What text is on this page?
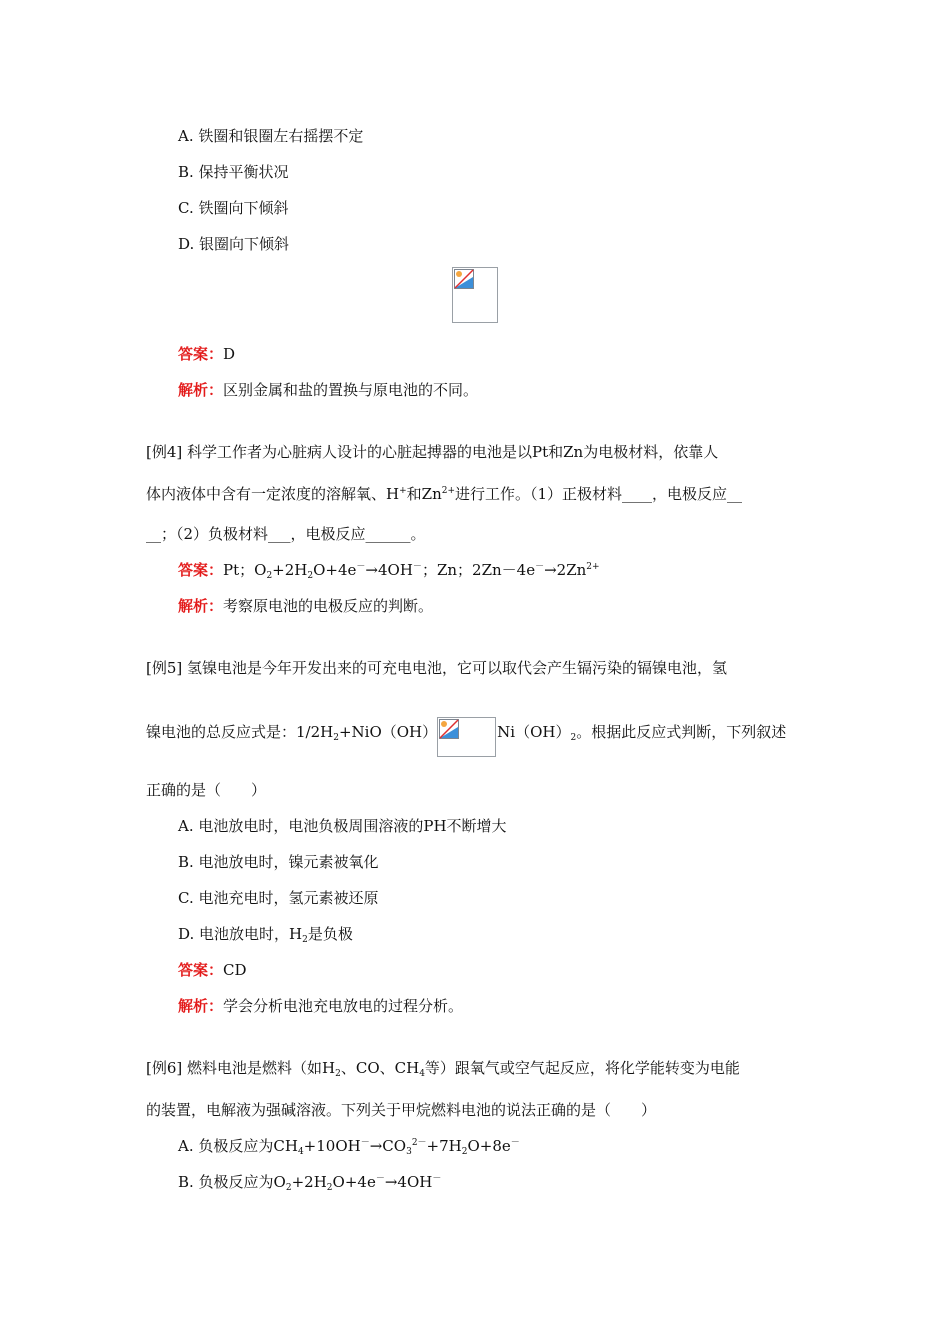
A. 铁圈和银圈左右摇摆不定
B. 保持平衡状况
C. 铁圈向下倾斜
D. 银圈向下倾斜
答案：D
解析：区别金属和盐的置换与原电池的不同。
[例4] 科学工作者为心脏病人设计的心脏起搏器的电池是以Pt和Zn为电极材料，依靠人
体内液体中含有一定浓度的溶解氧、H+和$Zn^{2+}$进行工作。（1）正极材料____，电极反应__
__；（2）负极材料___，电极反应______。
答案：Pt；$O_2+2H_2O+4e^-\to 4OH^-$；Zn；$2Zn-4e^-\to 2Zn^{2+}$
解析：考察原电池的电极反应的判断。
[例5] 氢镍电池是今年开发出来的可充电电池，它可以取代会产生镉污染的镉镍电池，氢
镍电池的总反应式是：$1/2H_2+NiO(OH)$	$Ni(OH)_2$。根据此反应式判断，下列叙述
正确的是（　　）
A. 电池放电时，电池负极周围溶液的PH不断增大
B. 电池放电时，镍元素被氧化
C. 电池充电时，氢元素被还原
D. 电池放电时，$H_2$是负极
答案：CD
解析：学会分析电池充电放电的过程分析。
[例6] 燃料电池是燃料（如$H_2$、CO、$CH_4$等）跟氧气或空气起反应，将化学能转变为电能
的装置，电解液为强碱溶液。下列关于甲烷燃料电池的说法正确的是（　　）
A. 负极反应为$CH_4+10OH^-\to CO_3^{2-}+7H_2O+8e^-$
B. 负极反应为$O_2+2H_2O+4e^-\to 4OH^-$
